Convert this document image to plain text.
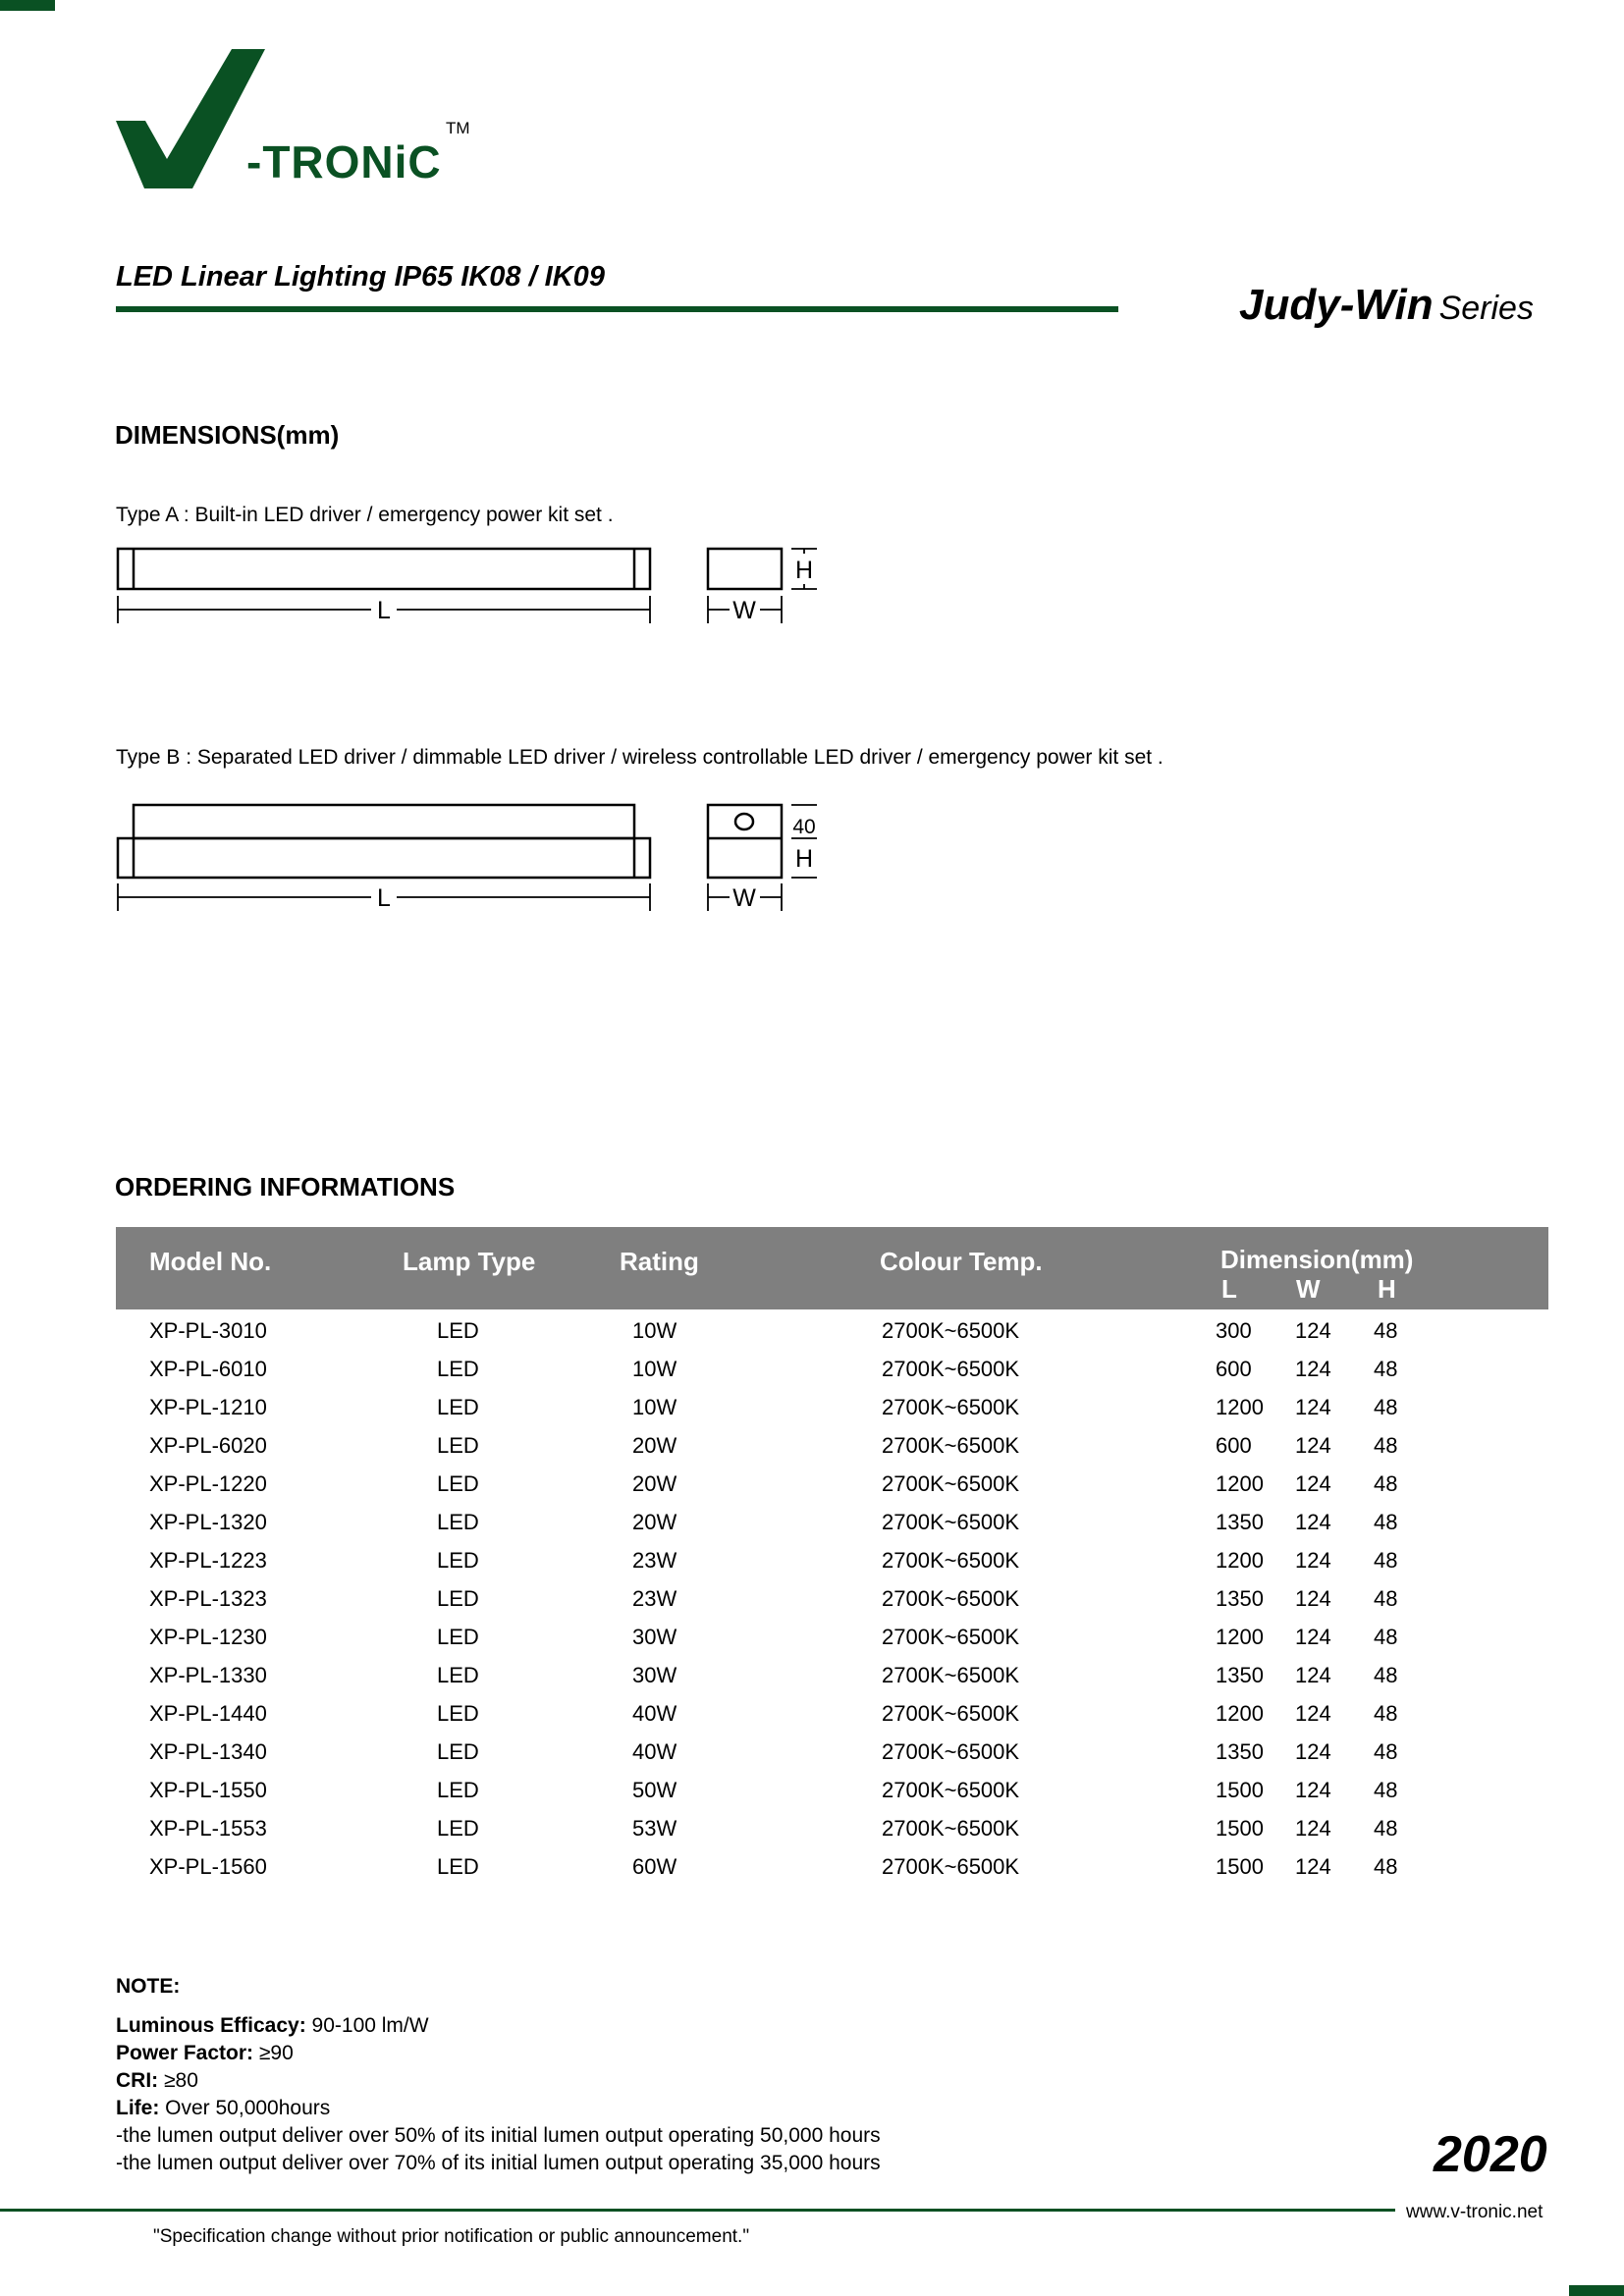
-TRONiC
TM
LED Linear Lighting IP65 IK08 / IK09
Judy-Win Series
DIMENSIONS(mm)
Type A : Built-in LED driver / emergency power kit set .
Type B : Separated LED driver / dimmable LED driver / wireless controllable LED driver / emergency power kit set .
L
H
W
L
40
H
W
ORDERING INFORMATIONS
Model No.	Lamp Type	Rating	Colour Temp.	Dimension(mm)
L W H
XP-PL-3010	LED	10W	2700K~6500K	300 124 48
XP-PL-6010	LED	10W	2700K~6500K	600 124 48
XP-PL-1210	LED	10W	2700K~6500K	1200 124 48
XP-PL-6020	LED	20W	2700K~6500K	600 124 48
XP-PL-1220	LED	20W	2700K~6500K	1200 124 48
XP-PL-1320	LED	20W	2700K~6500K	1350 124 48
XP-PL-1223	LED	23W	2700K~6500K	1200 124 48
XP-PL-1323	LED	23W	2700K~6500K	1350 124 48
XP-PL-1230	LED	30W	2700K~6500K	1200 124 48
XP-PL-1330	LED	30W	2700K~6500K	1350 124 48
XP-PL-1440	LED	40W	2700K~6500K	1200 124 48
XP-PL-1340	LED	40W	2700K~6500K	1350 124 48
XP-PL-1550	LED	50W	2700K~6500K	1500 124 48
XP-PL-1553	LED	53W	2700K~6500K	1500 124 48
XP-PL-1560	LED	60W	2700K~6500K	1500 124 48
NOTE:
Luminous Efficacy: 90-100 lm/W
Power Factor: ≥90
CRI: ≥80
Life: Over 50,000hours
-the lumen output deliver over 50% of its initial lumen output operating 50,000 hours
-the lumen output deliver over 70% of its initial lumen output operating 35,000 hours	2020
www.v-tronic.net
"Specification change without prior notification or public announcement."
